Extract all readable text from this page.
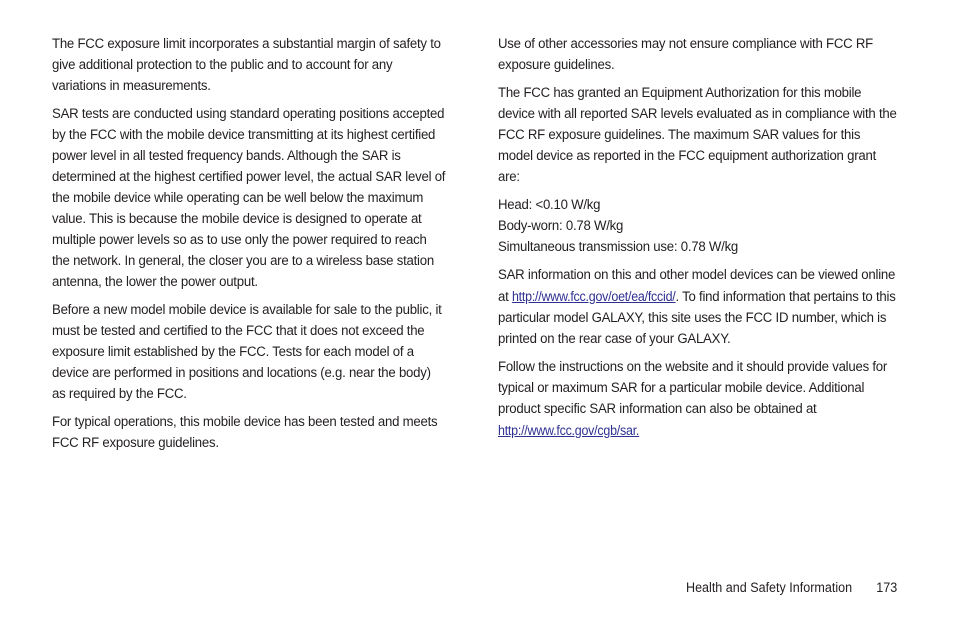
The FCC exposure limit incorporates a substantial margin of safety to give additional protection to the public and to account for any variations in measurements.

SAR tests are conducted using standard operating positions accepted by the FCC with the mobile device transmitting at its highest certified power level in all tested frequency bands. Although the SAR is determined at the highest certified power level, the actual SAR level of the mobile device while operating can be well below the maximum value. This is because the mobile device is designed to operate at multiple power levels so as to use only the power required to reach the network. In general, the closer you are to a wireless base station antenna, the lower the power output.

Before a new model mobile device is available for sale to the public, it must be tested and certified to the FCC that it does not exceed the exposure limit established by the FCC. Tests for each model of a device are performed in positions and locations (e.g. near the body) as required by the FCC.

For typical operations, this mobile device has been tested and meets FCC RF exposure guidelines.

Use of other accessories may not ensure compliance with FCC RF exposure guidelines.

The FCC has granted an Equipment Authorization for this mobile device with all reported SAR levels evaluated as in compliance with the FCC RF exposure guidelines. The maximum SAR values for this model device as reported in the FCC equipment authorization grant are:

Head: <0.10 W/kg

Body-worn: 0.78 W/kg

Simultaneous transmission use: 0.78 W/kg

SAR information on this and other model devices can be viewed online at http://www.fcc.gov/oet/ea/fccid/. To find information that pertains to this particular model GALAXY, this site uses the FCC ID number, which is printed on the rear case of your GALAXY.

Follow the instructions on the website and it should provide values for typical or maximum SAR for a particular mobile device. Additional product specific SAR information can also be obtained at http://www.fcc.gov/cgb/sar.

Health and Safety Information 173
